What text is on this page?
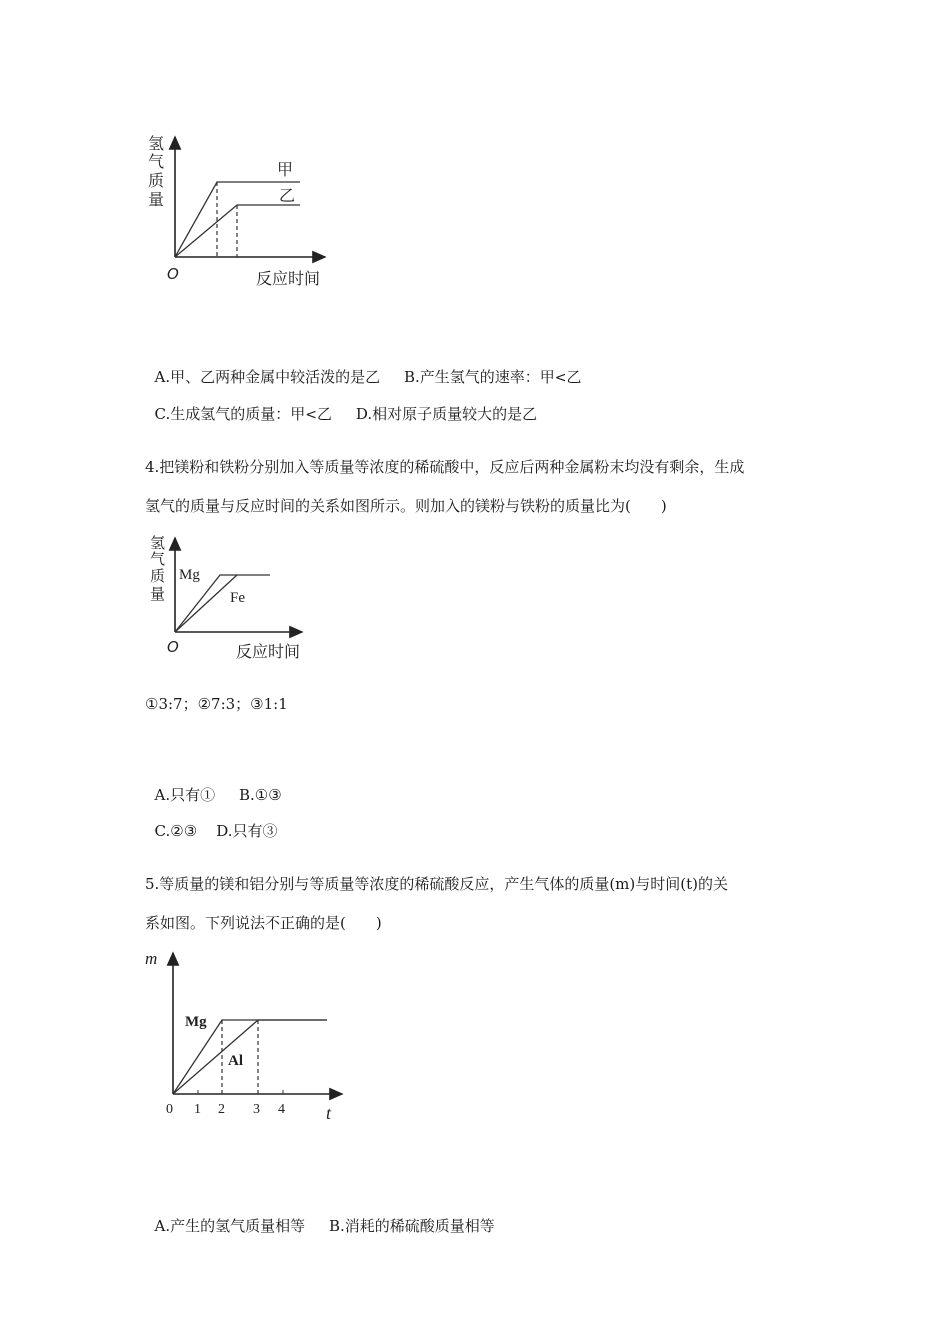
氢
气
质
量
甲
乙
O	反应时间

A.甲、乙两种金属中较活泼的是乙 B.产生氢气的速率：甲<乙

C.生成氢气的质量：甲<乙 D.相对原子质量较大的是乙

4.把镁粉和铁粉分别加入等质量等浓度的稀硫酸中，反应后两种金属粉末均没有剩余，生成
氢气的质量与反应时间的关系如图所示。则加入的镁粉与铁粉的质量比为(　　)
氢
气
质
量
Mg
Fe
O	反应时间
①3:7；②7:3；③1:1

A.只有① B.①③

C.②③ D.只有③

5.等质量的镁和铝分别与等质量等浓度的稀硫酸反应，产生气体的质量(m)与时间(t)的关
系如图。下列说法不正确的是(　　)
m
t
0 1 2 3 4
Mg
Al

A.产生的氢气质量相等 B.消耗的稀硫酸质量相等
